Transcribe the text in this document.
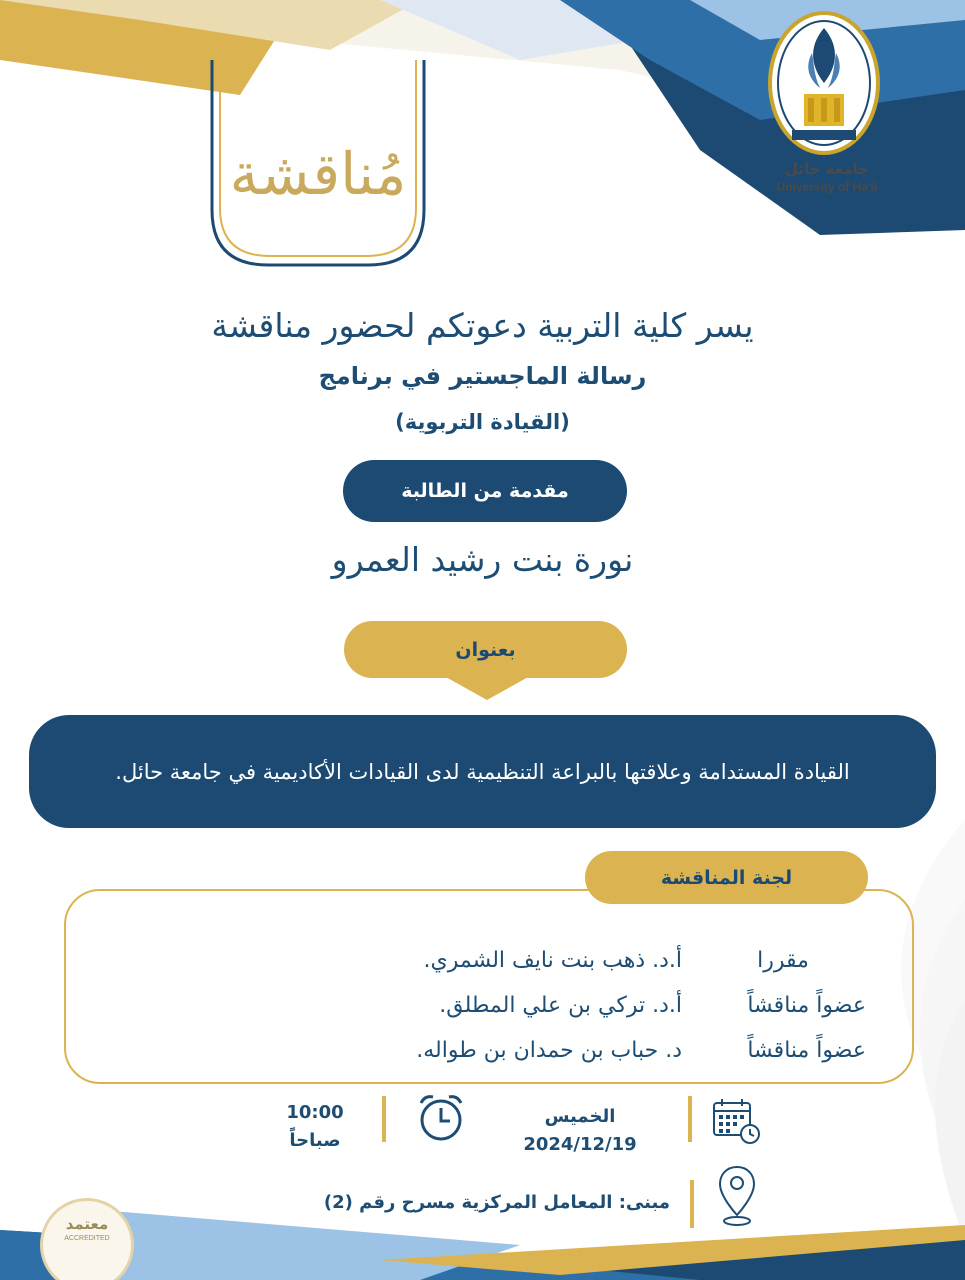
جامعة حائل
University of Ha'il
مُناقشة
يسر كلية التربية دعوتكم لحضور مناقشة
رسالة الماجستير في برنامج
(القيادة التربوية)
مقدمة من الطالبة
نورة بنت رشيد العمرو
بعنوان
القيادة المستدامة وعلاقتها بالبراعة التنظيمية لدى القيادات الأكاديمية في جامعة حائل.
لجنة المناقشة
مقررا
أ.د. ذهب بنت نايف الشمري.
عضواً مناقشاً
أ.د. تركي بن علي المطلق.
عضواً مناقشاً
د. حباب بن حمدان بن طواله.
الخميس
2024/12/19
10:00
صباحاً
مبنى: المعامل المركزية مسرح رقم (2)
معتمد
ACCREDITED
